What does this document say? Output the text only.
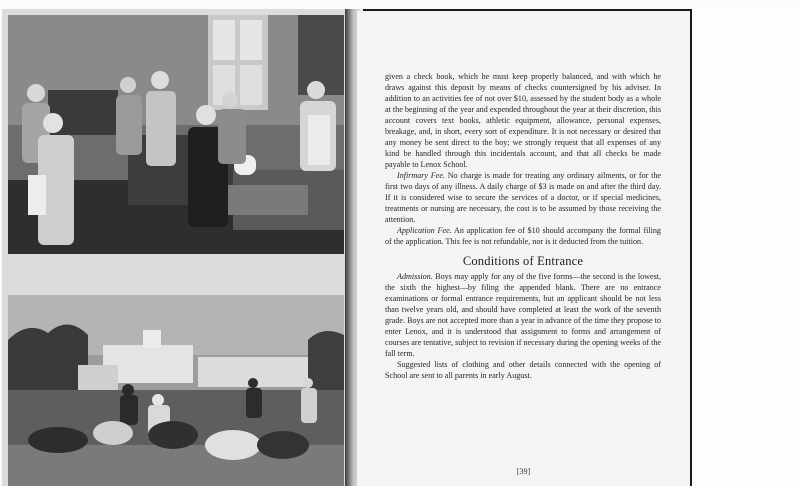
given a check book, which he must keep properly balanced, and with which he draws against this deposit by means of checks countersigned by his adviser. In addition to an activities fee of not over $10, assessed by the student body as a whole at the beginning of the year and expended throughout the year at their discretion, this account covers text books, athletic equipment, allowance, personal expenses, breakage, and, in short, every sort of expenditure. It is not necessary or desired that any money be sent direct to the boy; we strongly request that all expenses of any kind be handled through this incidentals account, and that all checks be made payable to Lenox School.

Infirmary Fee. No charge is made for treating any ordinary ailments, or for the first two days of any illness. A daily charge of $3 is made on and after the third day. If it is considered wise to secure the services of a doctor, or if special medicines, treatments or nursing are necessary, the cost is to be assumed by those receiving the attention.

Application Fee. An application fee of $10 should accompany the formal filing of the application. This fee is not refundable, nor is it deducted from the tuition.

Conditions of Entrance

Admission. Boys may apply for any of the five forms—the second is the lowest, the sixth the highest—by filing the appended blank. There are no entrance examinations or formal entrance requirements, but an applicant should be not less than twelve years old, and should have completed at least the work of the seventh grade. Boys are not accepted more than a year in advance of the time they propose to enter Lenox, and it is understood that assignment to forms and arrangement of courses are tentative, subject to revision if necessary during the opening weeks of the fall term.

Suggested lists of clothing and other details connected with the opening of School are sent to all parents in early August.

[39]
